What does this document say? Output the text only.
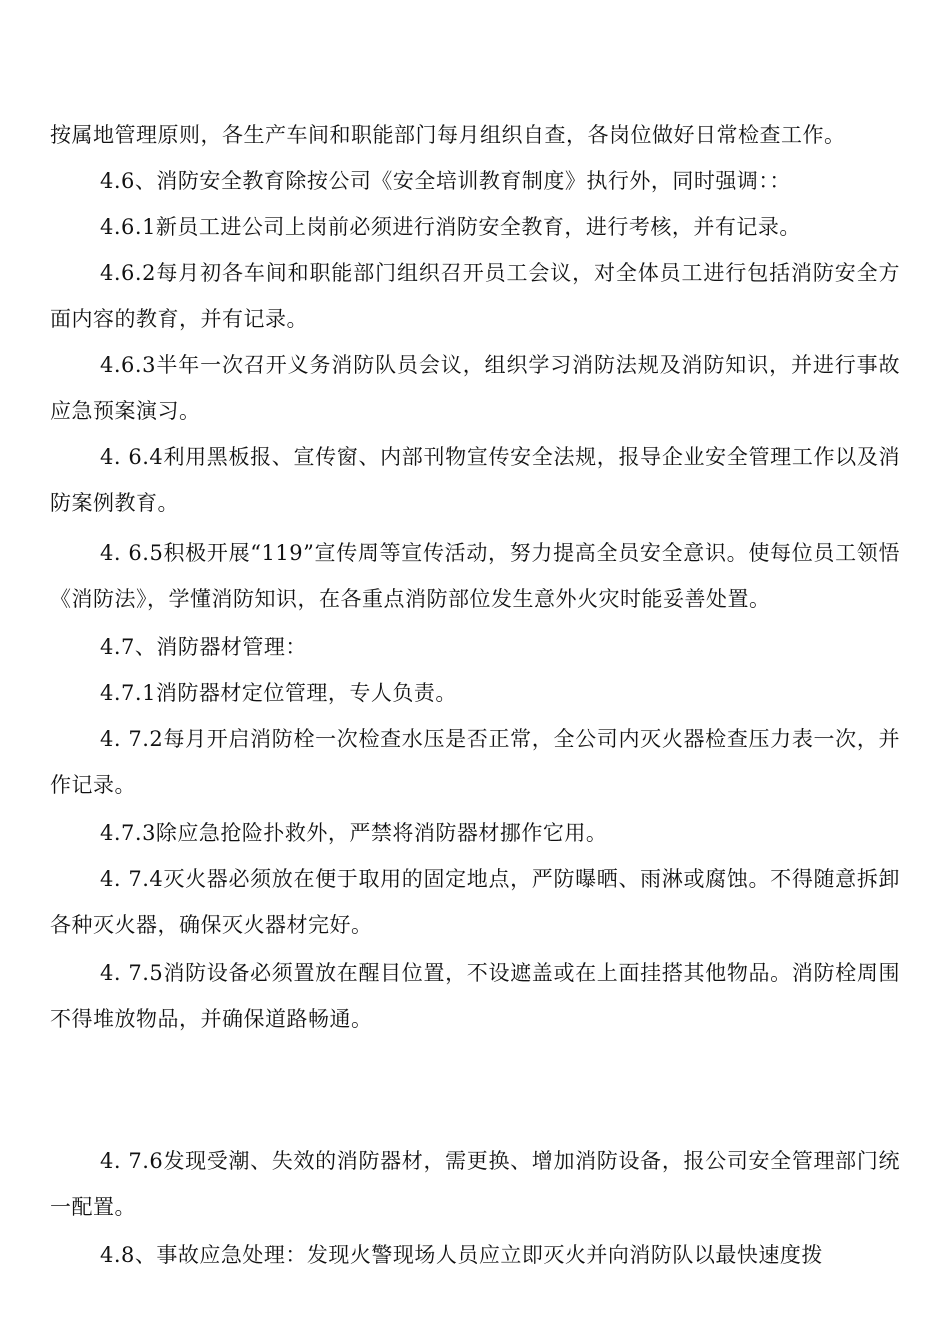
按属地管理原则，各生产车间和职能部门每月组织自查，各岗位做好日常检查工作。

4.6、消防安全教育除按公司《安全培训教育制度》执行外，同时强调：：

4.6.1新员工进公司上岗前必须进行消防安全教育，进行考核，并有记录。

4.6.2每月初各车间和职能部门组织召开员工会议，对全体员工进行包括消防安全方面内容的教育，并有记录。

4.6.3半年一次召开义务消防队员会议，组织学习消防法规及消防知识，并进行事故应急预案演习。

4. 6.4利用黑板报、宣传窗、内部刊物宣传安全法规，报导企业安全管理工作以及消防案例教育。

4. 6.5积极开展“119”宣传周等宣传活动，努力提高全员安全意识。使每位员工领悟《消防法》，学懂消防知识，在各重点消防部位发生意外火灾时能妥善处置。

4.7、消防器材管理：

4.7.1消防器材定位管理，专人负责。

4. 7.2每月开启消防栓一次检查水压是否正常，全公司内灭火器检查压力表一次，并作记录。

4.7.3除应急抢险扑救外，严禁将消防器材挪作它用。

4. 7.4灭火器必须放在便于取用的固定地点，严防曝晒、雨淋或腐蚀。不得随意拆卸各种灭火器，确保灭火器材完好。

4. 7.5消防设备必须置放在醒目位置，不设遮盖或在上面挂搭其他物品。消防栓周围不得堆放物品，并确保道路畅通。

4. 7.6发现受潮、失效的消防器材，需更换、增加消防设备，报公司安全管理部门统一配置。

4.8、事故应急处理：发现火警现场人员应立即灭火并向消防队以最快速度拨
